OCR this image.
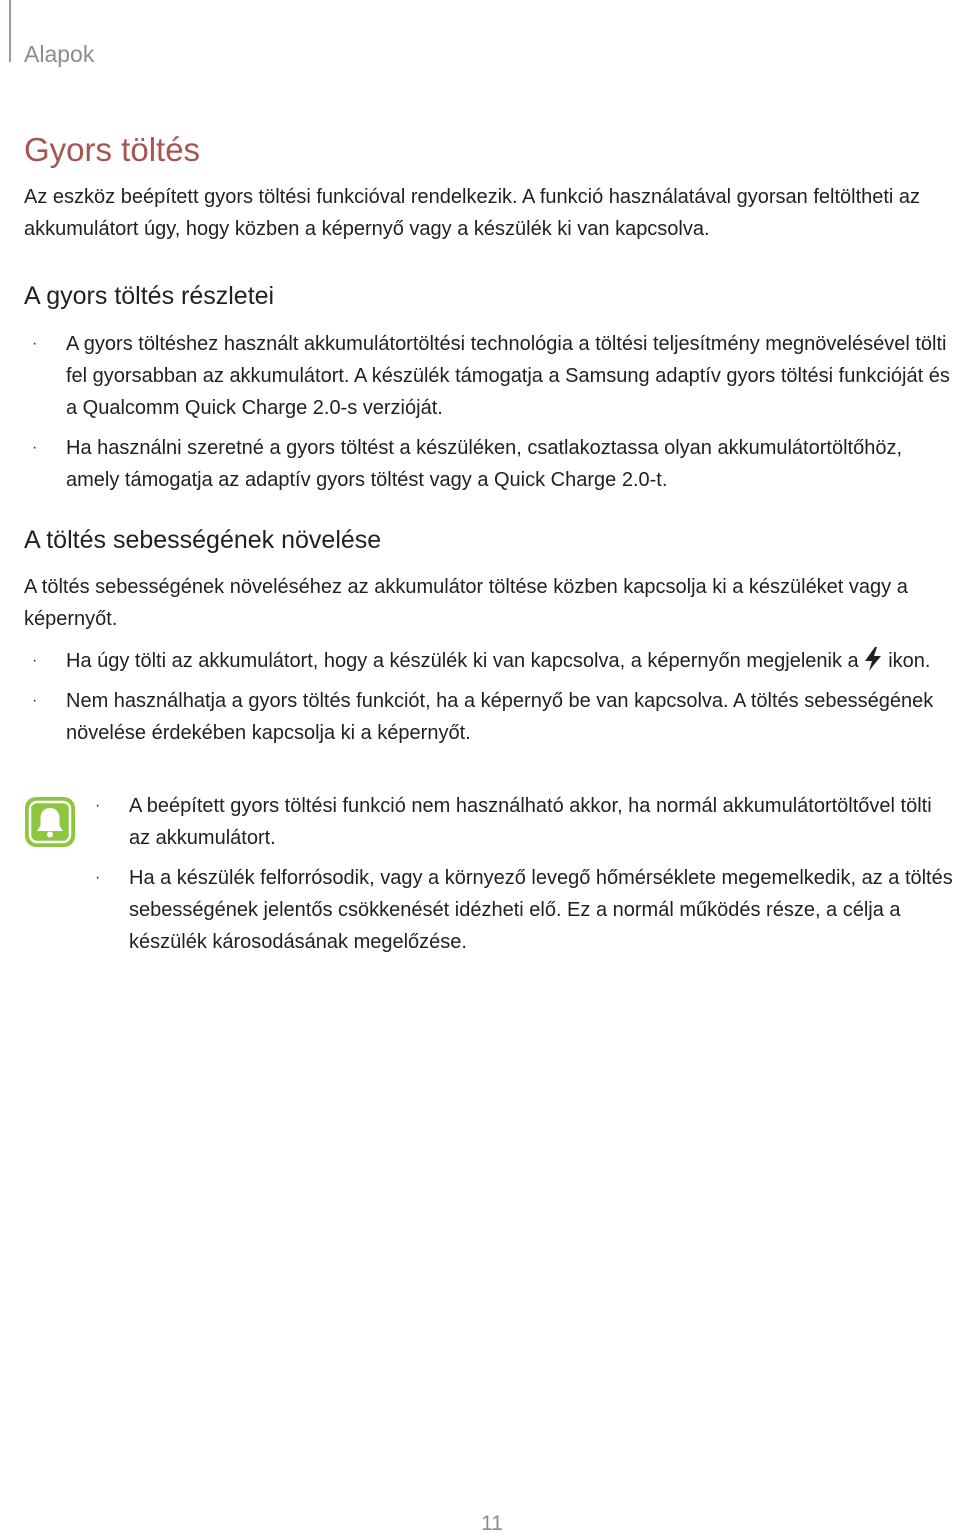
Alapok
Gyors töltés

Az eszköz beépített gyors töltési funkcióval rendelkezik. A funkció használatával gyorsan feltöltheti az akkumulátort úgy, hogy közben a képernyő vagy a készülék ki van kapcsolva.

A gyors töltés részletei
· A gyors töltéshez használt akkumulátortöltési technológia a töltési teljesítmény megnövelésével tölti fel gyorsabban az akkumulátort. A készülék támogatja a Samsung adaptív gyors töltési funkcióját és a Qualcomm Quick Charge 2.0-s verzióját.
· Ha használni szeretné a gyors töltést a készüléken, csatlakoztassa olyan akkumulátortöltőhöz, amely támogatja az adaptív gyors töltést vagy a Quick Charge 2.0-t.
A töltés sebességének növelése

A töltés sebességének növeléséhez az akkumulátor töltése közben kapcsolja ki a készüléket vagy a képernyőt.

· Ha úgy tölti az akkumulátort, hogy a készülék ki van kapcsolva, a képernyőn megjelenik a ikon.
· Nem használhatja a gyors töltés funkciót, ha a képernyő be van kapcsolva. A töltés sebességének növelése érdekében kapcsolja ki a képernyőt.
· A beépített gyors töltési funkció nem használható akkor, ha normál akkumulátortöltővel tölti az akkumulátort.
· Ha a készülék felforrósodik, vagy a környező levegő hőmérséklete megemelkedik, az a töltés sebességének jelentős csökkenését idézheti elő. Ez a normál működés része, a célja a készülék károsodásának megelőzése.
11
